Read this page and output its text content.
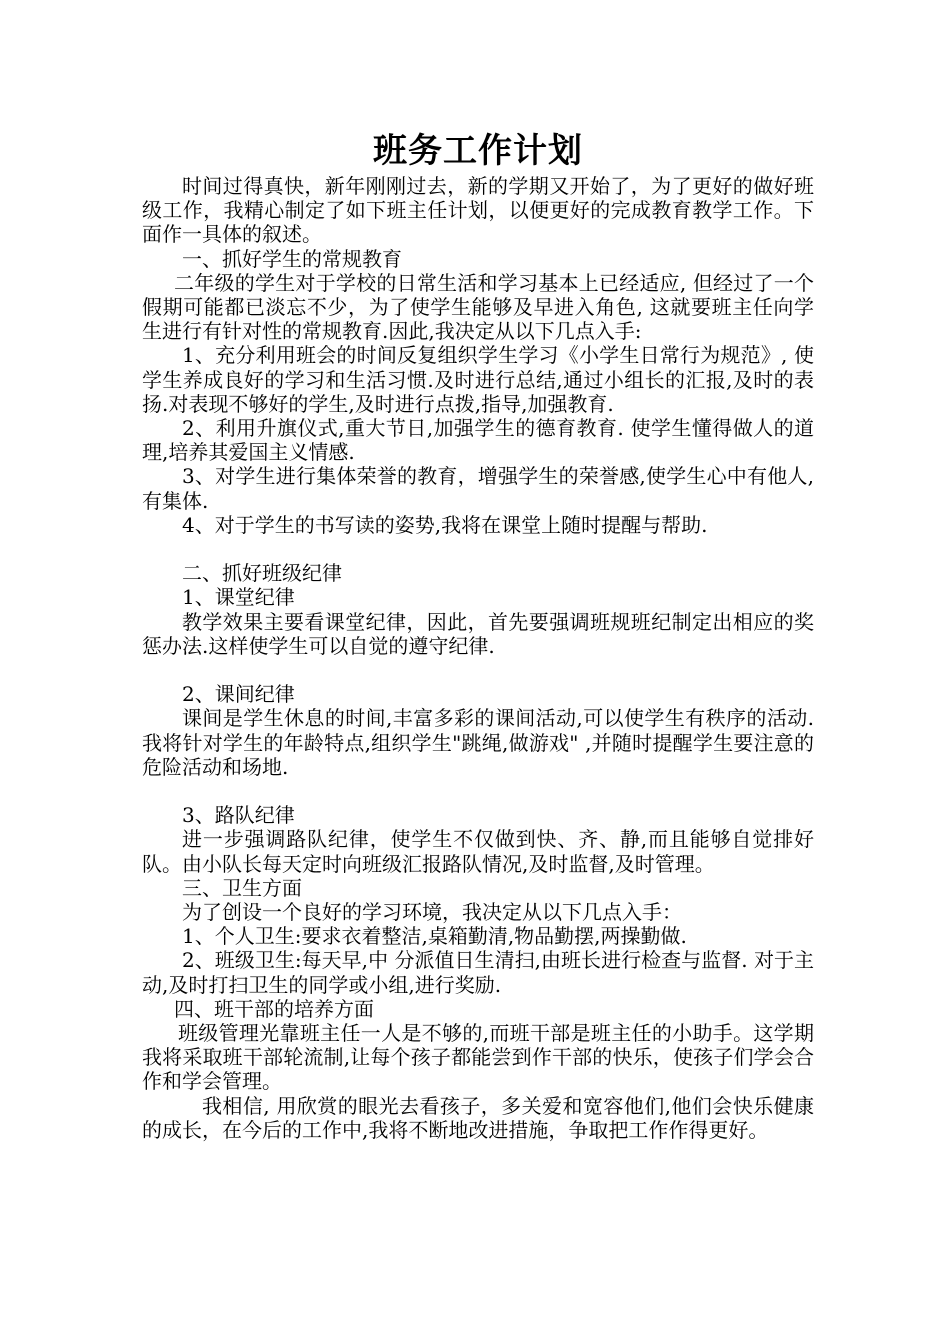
班务工作计划

时间过得真快，新年刚刚过去，新的学期又开始了，为了更好的做好班级工作，我精心制定了如下班主任计划，以便更好的完成教育教学工作。下面作一具体的叙述。

一、抓好学生的常规教育

二年级的学生对于学校的日常生活和学习基本上已经适应, 但经过了一个假期可能都已淡忘不少，为了使学生能够及早进入角色, 这就要班主任向学生进行有针对性的常规教育.因此,我决定从以下几点入手:

1、充分利用班会的时间反复组织学生学习《小学生日常行为规范》, 使学生养成良好的学习和生活习惯.及时进行总结,通过小组长的汇报,及时的表扬.对表现不够好的学生,及时进行点拨,指导,加强教育.

2、利用升旗仪式,重大节日,加强学生的德育教育. 使学生懂得做人的道理,培养其爱国主义情感.

3、对学生进行集体荣誉的教育，增强学生的荣誉感,使学生心中有他人,有集体.

4、对于学生的书写读的姿势,我将在课堂上随时提醒与帮助.

二、抓好班级纪律

1、课堂纪律

教学效果主要看课堂纪律，因此，首先要强调班规班纪制定出相应的奖惩办法.这样使学生可以自觉的遵守纪律.

2、课间纪律

课间是学生休息的时间,丰富多彩的课间活动,可以使学生有秩序的活动.我将针对学生的年龄特点,组织学生"跳绳,做游戏" ,并随时提醒学生要注意的危险活动和场地.

3、路队纪律

进一步强调路队纪律，使学生不仅做到快、齐、静,而且能够自觉排好队。由小队长每天定时向班级汇报路队情况,及时监督,及时管理。

三、卫生方面

为了创设一个良好的学习环境，我决定从以下几点入手：

1、个人卫生:要求衣着整洁,桌箱勤清,物品勤摆,两操勤做.

2、班级卫生:每天早,中 分派值日生清扫,由班长进行检查与监督. 对于主动,及时打扫卫生的同学或小组,进行奖励.

四、班干部的培养方面

班级管理光靠班主任一人是不够的,而班干部是班主任的小助手。这学期我将采取班干部轮流制,让每个孩子都能尝到作干部的快乐，使孩子们学会合作和学会管理。

我相信, 用欣赏的眼光去看孩子，多关爱和宽容他们,他们会快乐健康的成长，在今后的工作中,我将不断地改进措施，争取把工作作得更好。
